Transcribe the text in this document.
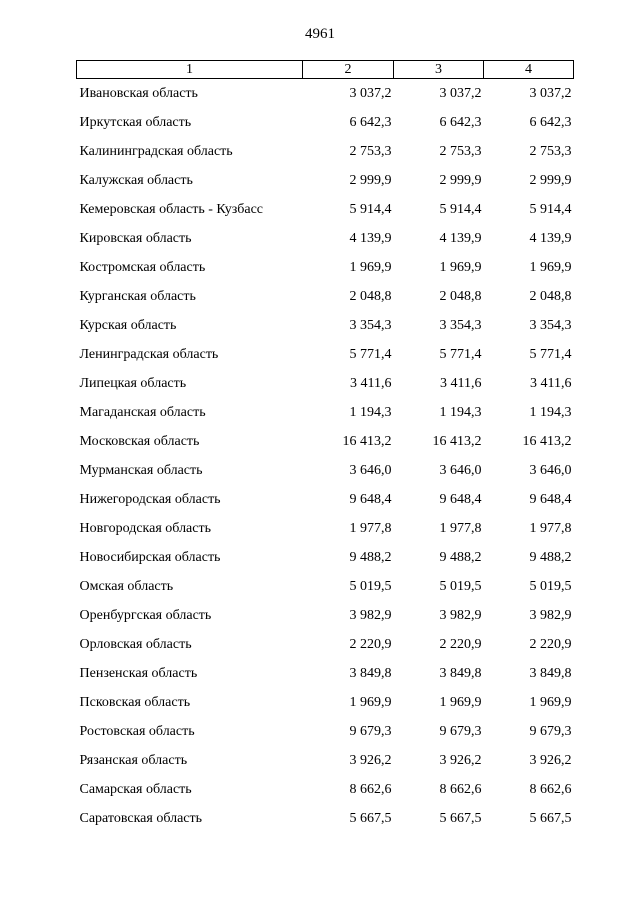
4961
1	2	3	4
Ивановская область	3 037,2	3 037,2	3 037,2
Иркутская область	6 642,3	6 642,3	6 642,3
Калининградская область	2 753,3	2 753,3	2 753,3
Калужская область	2 999,9	2 999,9	2 999,9
Кемеровская область - Кузбасс	5 914,4	5 914,4	5 914,4
Кировская область	4 139,9	4 139,9	4 139,9
Костромская область	1 969,9	1 969,9	1 969,9
Курганская область	2 048,8	2 048,8	2 048,8
Курская область	3 354,3	3 354,3	3 354,3
Ленинградская область	5 771,4	5 771,4	5 771,4
Липецкая область	3 411,6	3 411,6	3 411,6
Магаданская область	1 194,3	1 194,3	1 194,3
Московская область	16 413,2	16 413,2	16 413,2
Мурманская область	3 646,0	3 646,0	3 646,0
Нижегородская область	9 648,4	9 648,4	9 648,4
Новгородская область	1 977,8	1 977,8	1 977,8
Новосибирская область	9 488,2	9 488,2	9 488,2
Омская область	5 019,5	5 019,5	5 019,5
Оренбургская область	3 982,9	3 982,9	3 982,9
Орловская область	2 220,9	2 220,9	2 220,9
Пензенская область	3 849,8	3 849,8	3 849,8
Псковская область	1 969,9	1 969,9	1 969,9
Ростовская область	9 679,3	9 679,3	9 679,3
Рязанская область	3 926,2	3 926,2	3 926,2
Самарская область	8 662,6	8 662,6	8 662,6
Саратовская область	5 667,5	5 667,5	5 667,5
